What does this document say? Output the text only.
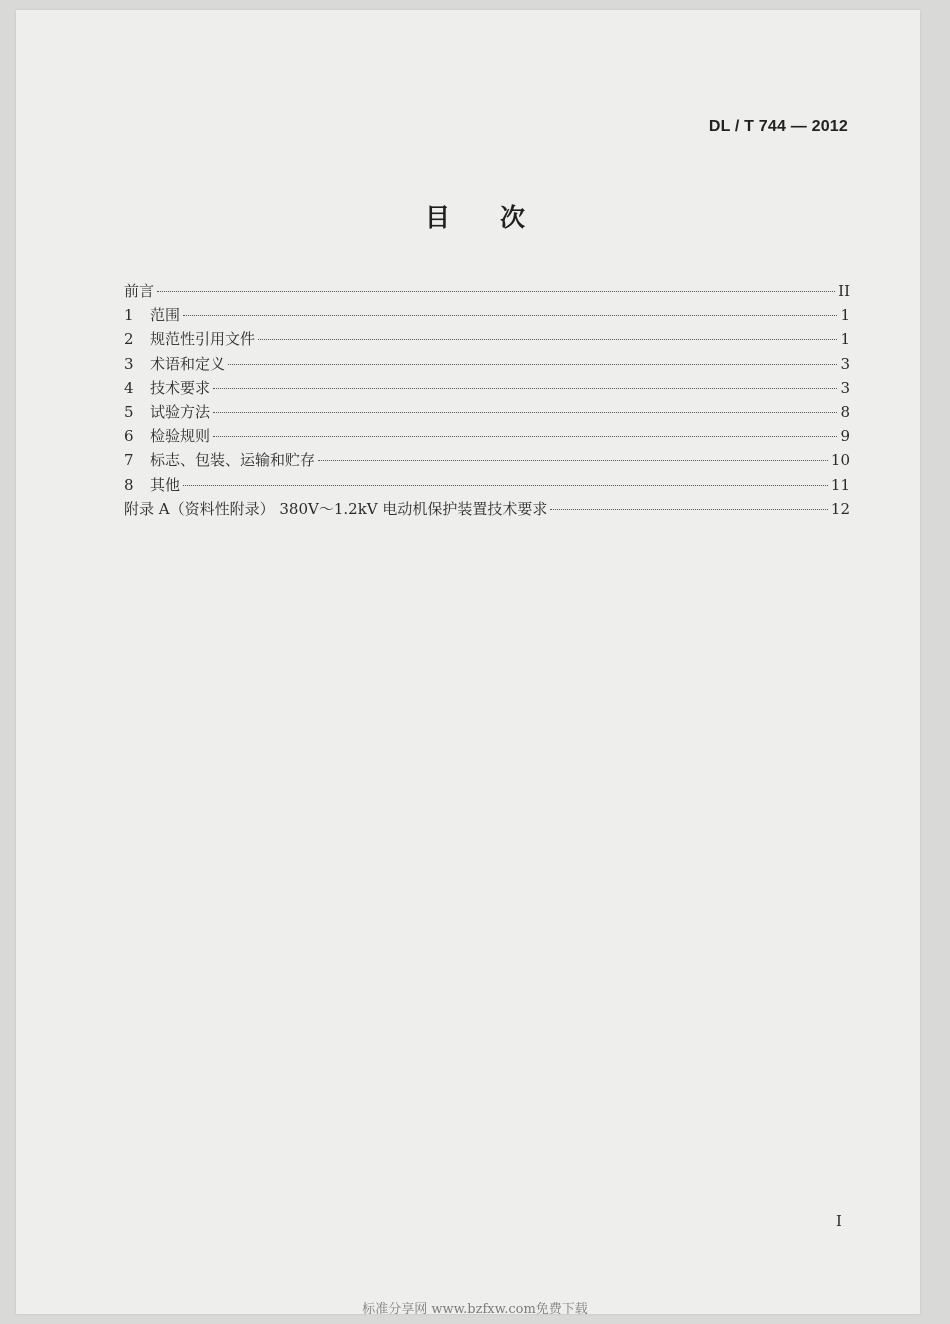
DL / T 744 — 2012
目 次
前言	II
1	范围	1
2	规范性引用文件	1
3	术语和定义	3
4	技术要求	3
5	试验方法	8
6	检验规则	9
7	标志、包装、运输和贮存	10
8	其他	11
附录 A（资料性附录） 380V～1.2kV 电动机保护装置技术要求	12
I
标准分享网 www.bzfxw.com免费下载
